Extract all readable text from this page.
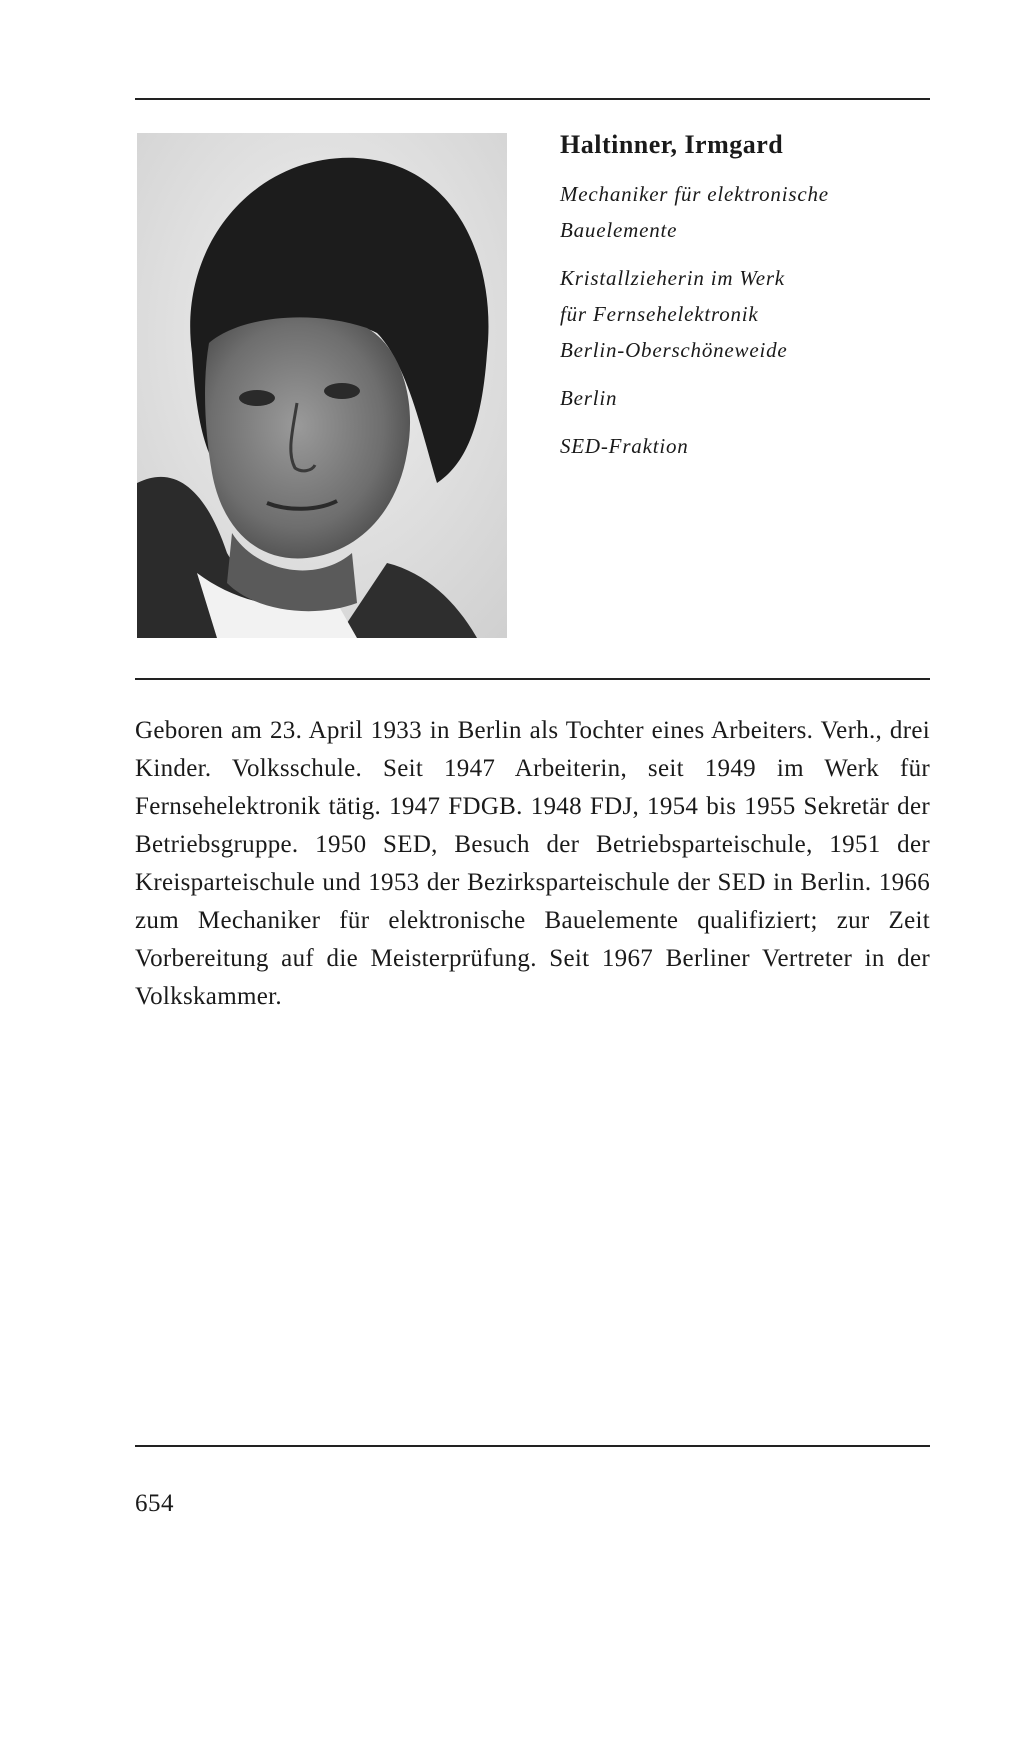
Haltinner, Irmgard
Mechaniker für elektronische
Bauelemente
Kristallzieherin im Werk
für Fernsehelektronik
Berlin-Oberschöneweide
Berlin
SED-Fraktion

Geboren am 23. April 1933 in Berlin als Tochter eines Arbeiters. Verh., drei Kinder. Volksschule. Seit 1947 Arbeiterin, seit 1949 im Werk für Fernsehelektronik tätig. 1947 FDGB. 1948 FDJ, 1954 bis 1955 Sekretär der Betriebsgruppe. 1950 SED, Besuch der Betriebsparteischule, 1951 der Kreisparteischule und 1953 der Bezirksparteischule der SED in Berlin. 1966 zum Mechaniker für elektronische Bauelemente qualifiziert; zur Zeit Vorbereitung auf die Meisterprüfung. Seit 1967 Berliner Vertreter in der Volkskammer.

654
